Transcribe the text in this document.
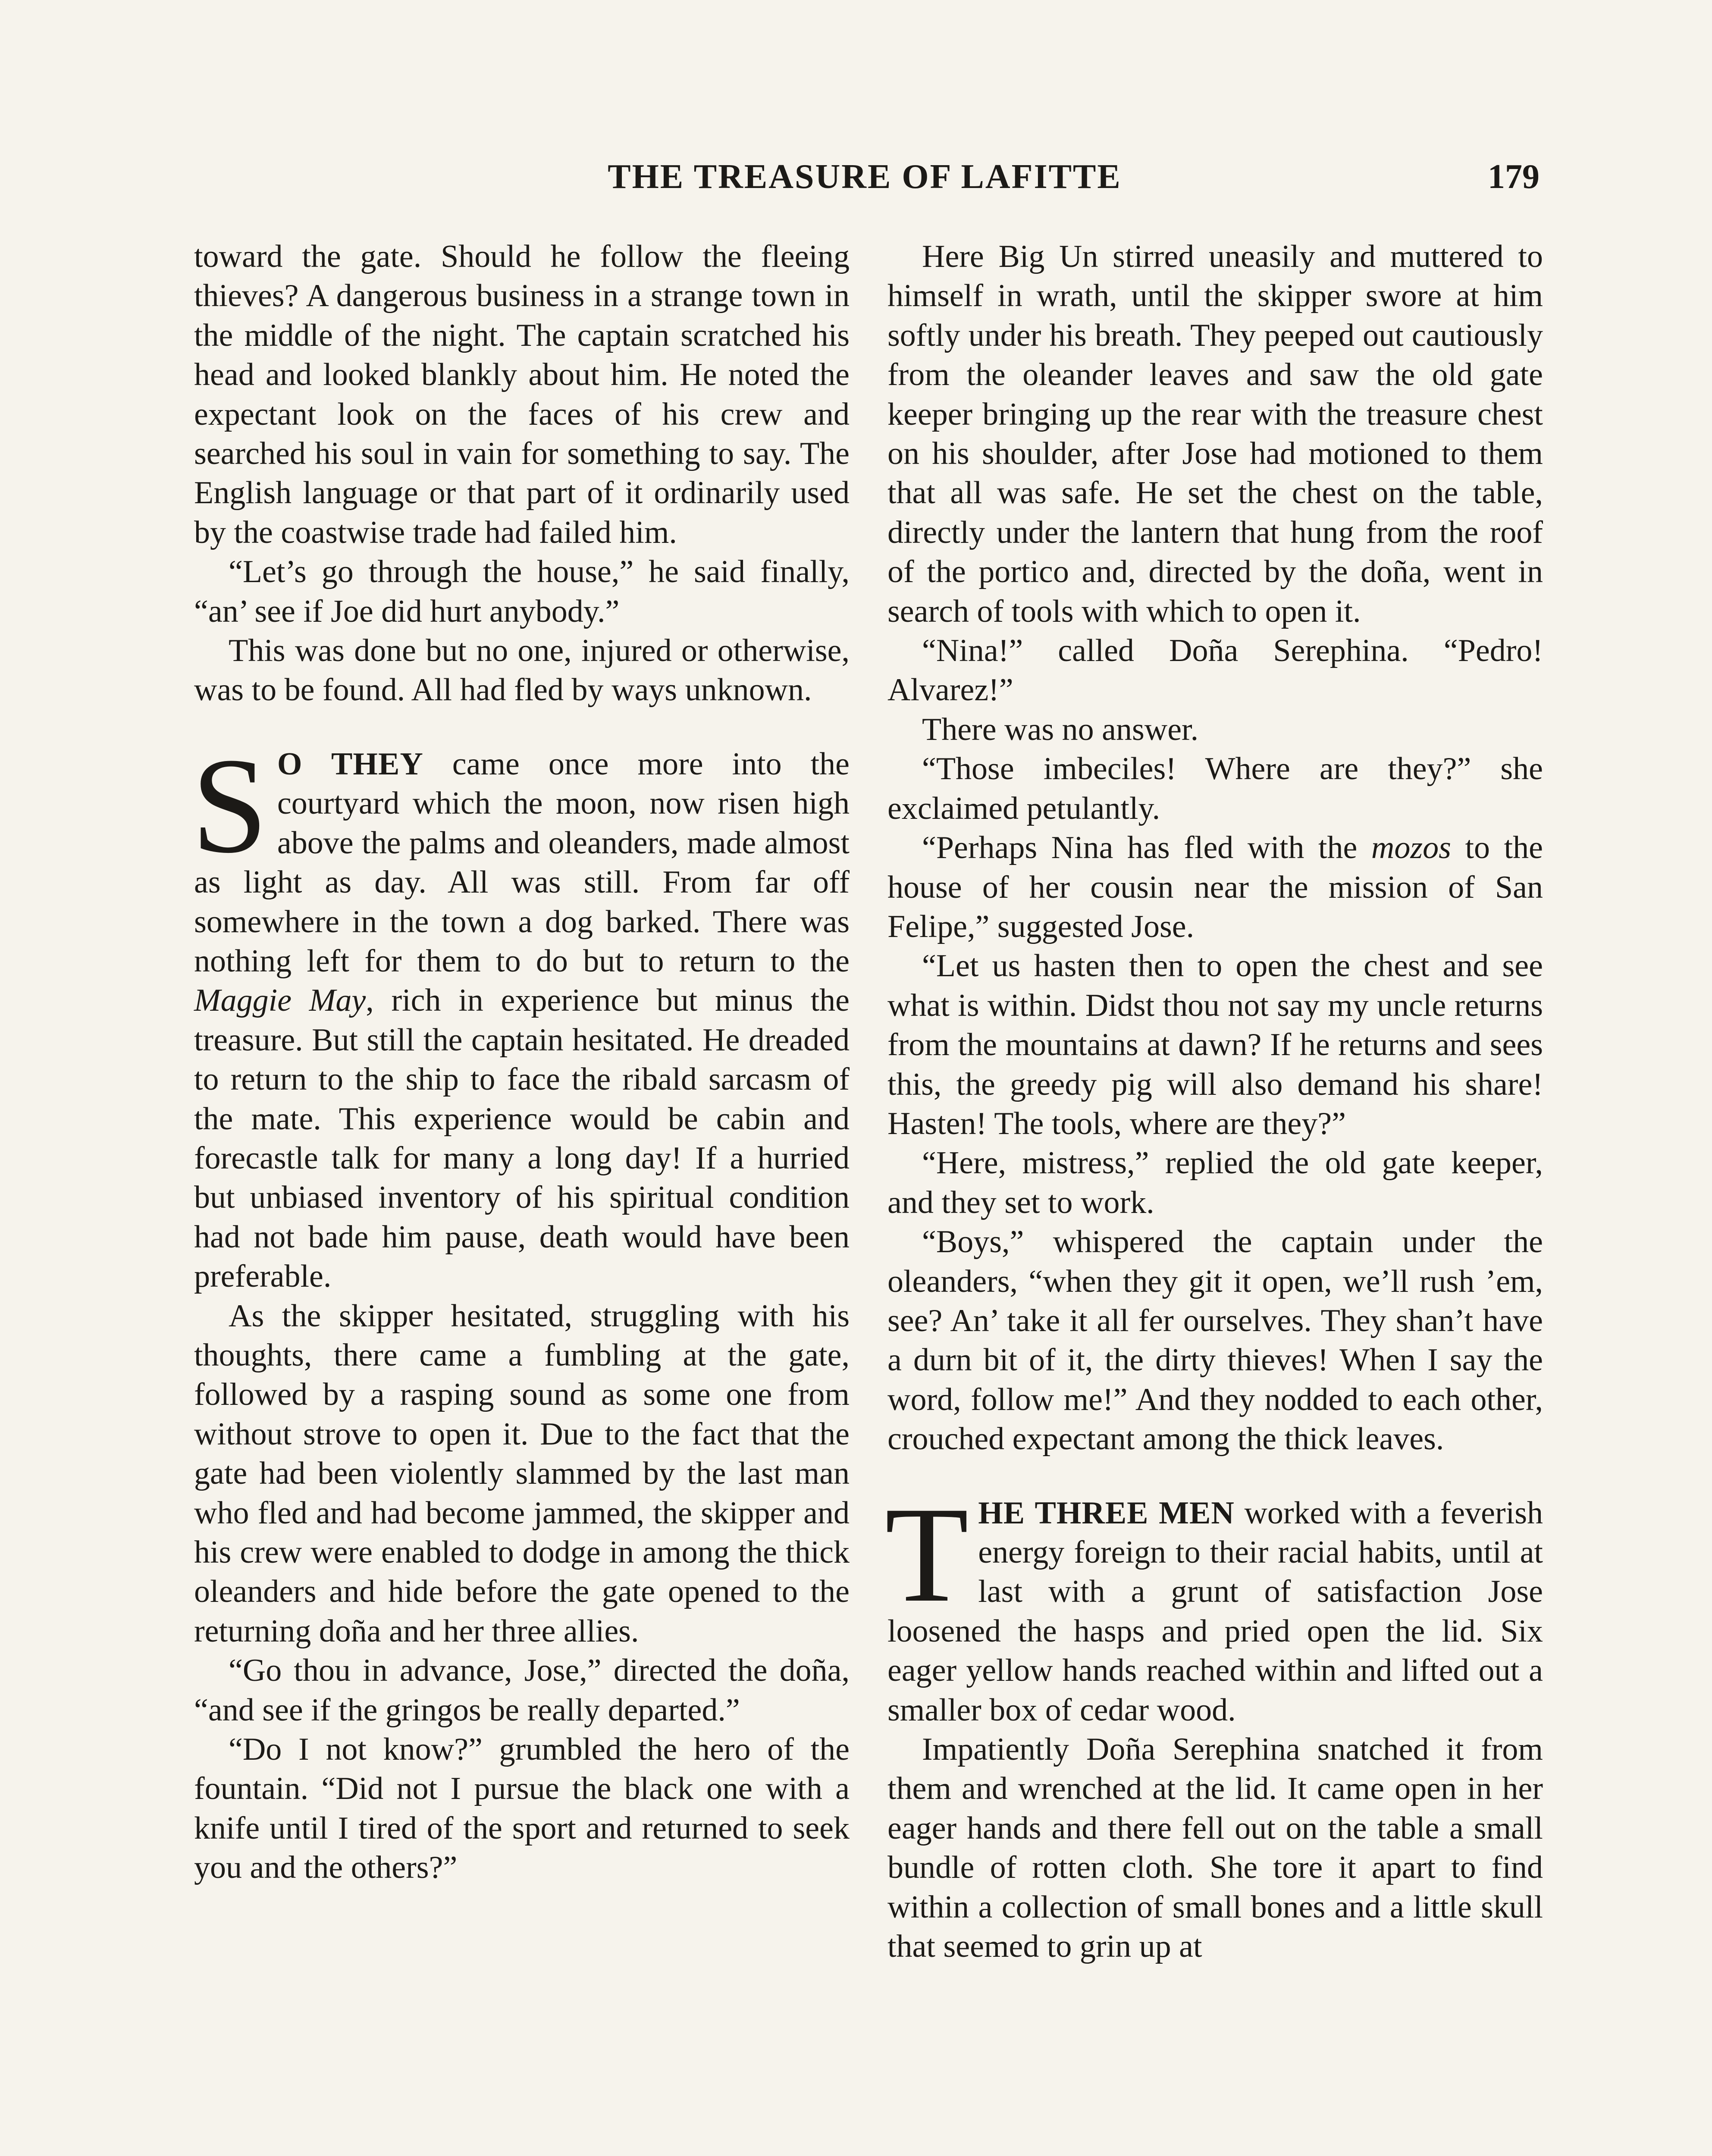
THE TREASURE OF LAFITTE	179

toward the gate. Should he follow the fleeing thieves? A dangerous business in a strange town in the middle of the night. The captain scratched his head and looked blankly about him. He noted the expectant look on the faces of his crew and searched his soul in vain for something to say. The English language or that part of it ordinarily used by the coastwise trade had failed him.

“Let’s go through the house,” he said finally, “an’ see if Joe did hurt anybody.”

This was done but no one, injured or otherwise, was to be found. All had fled by ways unknown.

S O THEY came once more into the courtyard which the moon, now risen high above the palms and oleanders, made almost as light as day. All was still. From far off somewhere in the town a dog barked. There was nothing left for them to do but to return to the Maggie May, rich in experience but minus the treasure. But still the captain hesitated. He dreaded to return to the ship to face the ribald sarcasm of the mate. This experience would be cabin and forecastle talk for many a long day! If a hurried but unbiased inventory of his spiritual condition had not bade him pause, death would have been preferable.

As the skipper hesitated, struggling with his thoughts, there came a fumbling at the gate, followed by a rasping sound as some one from without strove to open it. Due to the fact that the gate had been violently slammed by the last man who fled and had become jammed, the skipper and his crew were enabled to dodge in among the thick oleanders and hide before the gate opened to the returning doña and her three allies.

“Go thou in advance, Jose,” directed the doña, “and see if the gringos be really departed.”

“Do I not know?” grumbled the hero of the fountain. “Did not I pursue the black one with a knife until I tired of the sport and returned to seek you and the others?”

Here Big Un stirred uneasily and muttered to himself in wrath, until the skipper swore at him softly under his breath. They peeped out cautiously from the oleander leaves and saw the old gate keeper bringing up the rear with the treasure chest on his shoulder, after Jose had motioned to them that all was safe. He set the chest on the table, directly under the lantern that hung from the roof of the portico and, directed by the doña, went in search of tools with which to open it.

“Nina!” called Doña Serephina. “Pedro! Alvarez!”

There was no answer.

“Those imbeciles! Where are they?” she exclaimed petulantly.

“Perhaps Nina has fled with the mozos to the house of her cousin near the mission of San Felipe,” suggested Jose.

“Let us hasten then to open the chest and see what is within. Didst thou not say my uncle returns from the mountains at dawn? If he returns and sees this, the greedy pig will also demand his share! Hasten! The tools, where are they?”

“Here, mistress,” replied the old gate keeper, and they set to work.

“Boys,” whispered the captain under the oleanders, “when they git it open, we’ll rush ’em, see? An’ take it all fer ourselves. They shan’t have a durn bit of it, the dirty thieves! When I say the word, follow me!” And they nodded to each other, crouched expectant among the thick leaves.

THE THREE MEN worked with a feverish energy foreign to their racial habits, until at last with a grunt of satisfaction Jose loosened the hasps and pried open the lid. Six eager yellow hands reached within and lifted out a smaller box of cedar wood.

Impatiently Doña Serephina snatched it from them and wrenched at the lid. It came open in her eager hands and there fell out on the table a small bundle of rotten cloth. She tore it apart to find within a collection of small bones and a little skull that seemed to grin up at
